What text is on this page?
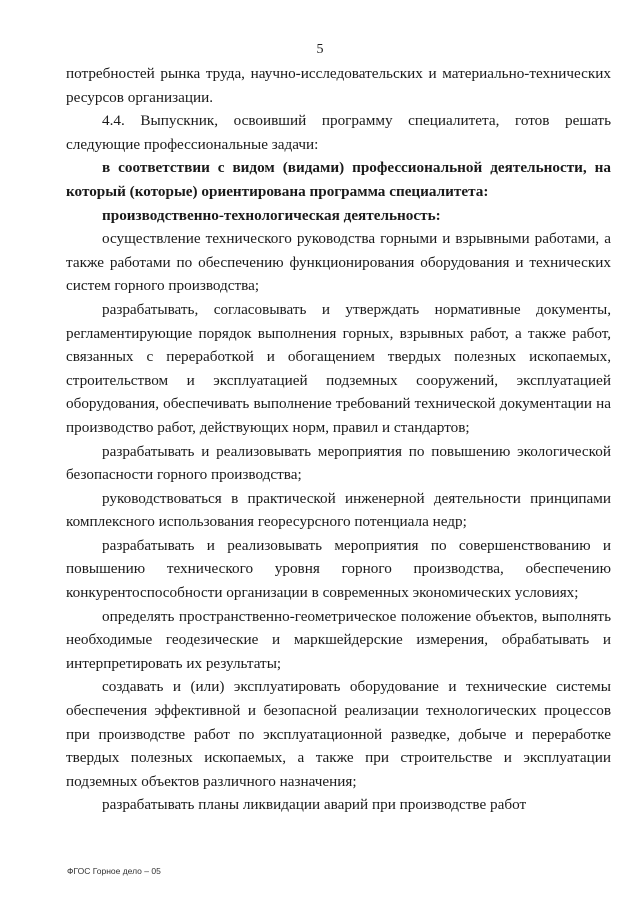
5

потребностей рынка труда, научно-исследовательских и материально-технических ресурсов организации.

4.4. Выпускник, освоивший программу специалитета, готов решать следующие профессиональные задачи:

в соответствии с видом (видами) профессиональной деятельности, на который (которые) ориентирована программа специалитета:

производственно-технологическая деятельность:

осуществление технического руководства горными и взрывными работами, а также работами по обеспечению функционирования оборудования и технических систем горного производства;

разрабатывать, согласовывать и утверждать нормативные документы, регламентирующие порядок выполнения горных, взрывных работ, а также работ, связанных с переработкой и обогащением твердых полезных ископаемых, строительством и эксплуатацией подземных сооружений, эксплуатацией оборудования, обеспечивать выполнение требований технической документации на производство работ, действующих норм, правил и стандартов;

разрабатывать и реализовывать мероприятия по повышению экологической безопасности горного производства;

руководствоваться в практической инженерной деятельности принципами комплексного использования георесурсного потенциала недр;

разрабатывать и реализовывать мероприятия по совершенствованию и повышению технического уровня горного производства, обеспечению конкурентоспособности организации в современных экономических условиях;

определять пространственно-геометрическое положение объектов, выполнять необходимые геодезические и маркшейдерские измерения, обрабатывать и интерпретировать их результаты;

создавать и (или) эксплуатировать оборудование и технические системы обеспечения эффективной и безопасной реализации технологических процессов при производстве работ по эксплуатационной разведке, добыче и переработке твердых полезных ископаемых, а также при строительстве и эксплуатации подземных объектов различного назначения;

разрабатывать планы ликвидации аварий при производстве работ

ФГОС Горное дело – 05
